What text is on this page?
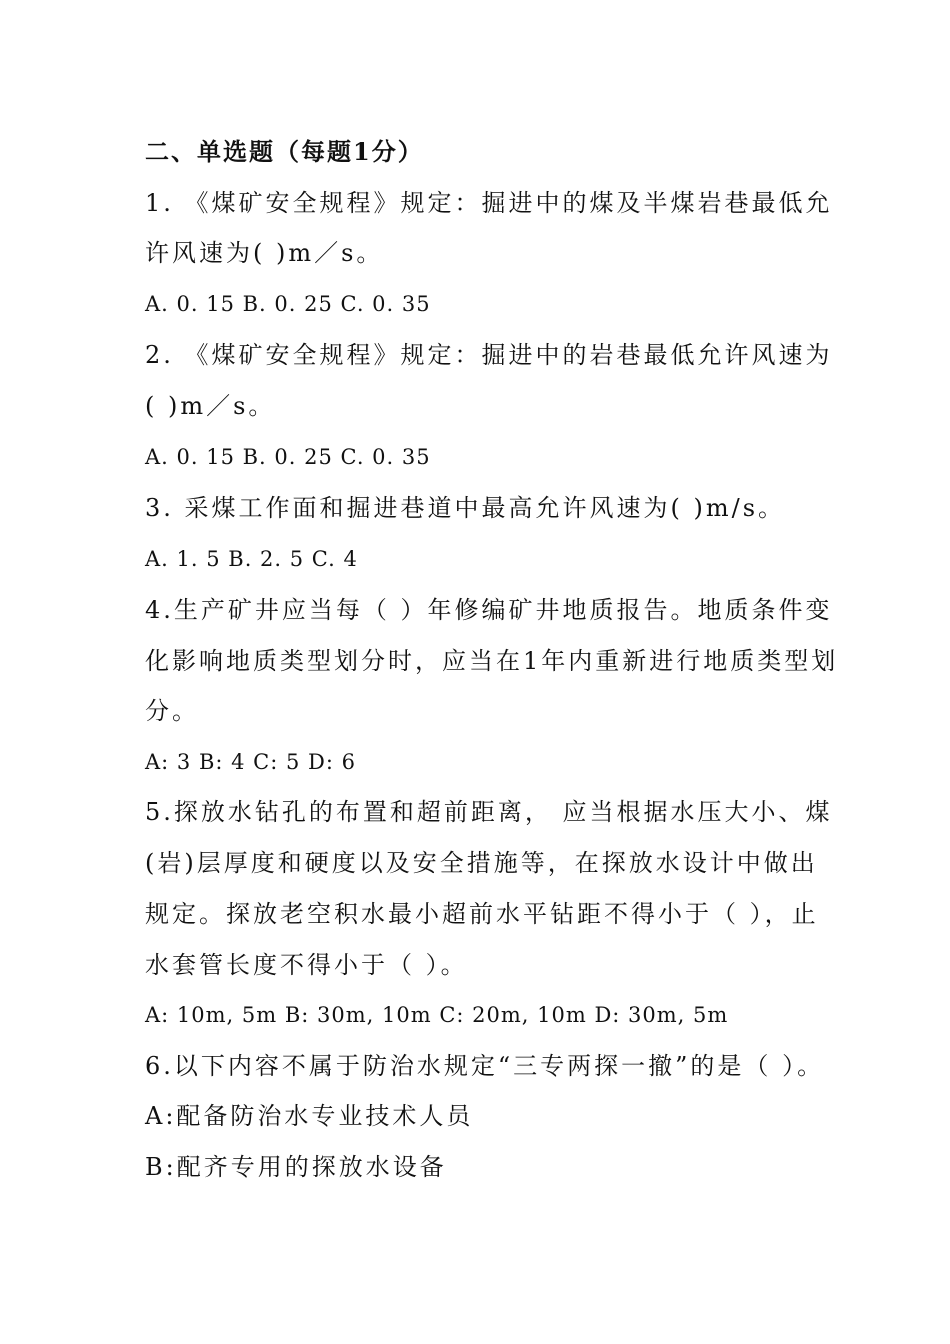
二、单选题（每题1分）
1. 《煤矿安全规程》规定：掘进中的煤及半煤岩巷最低允
许风速为( )m／s。
A. 0. 15 B. 0. 25 C. 0. 35
2. 《煤矿安全规程》规定：掘进中的岩巷最低允许风速为
( )m／s。
A. 0. 15 B. 0. 25 C. 0. 35
3. 采煤工作面和掘进巷道中最高允许风速为( )m/s。
A. 1. 5 B. 2. 5 C. 4
4.生产矿井应当每（ ）年修编矿井地质报告。地质条件变
化影响地质类型划分时，应当在1年内重新进行地质类型划
分。
A: 3 B: 4 C: 5 D: 6
5.探放水钻孔的布置和超前距离， 应当根据水压大小、煤
(岩)层厚度和硬度以及安全措施等，在探放水设计中做出
规定。探放老空积水最小超前水平钻距不得小于（ ），止
水套管长度不得小于（ ）。
A: 10m, 5m B: 30m, 10m C: 20m, 10m D: 30m, 5m
6.以下内容不属于防治水规定“三专两探一撤”的是（ ）。
A:配备防治水专业技术人员
B:配齐专用的探放水设备
